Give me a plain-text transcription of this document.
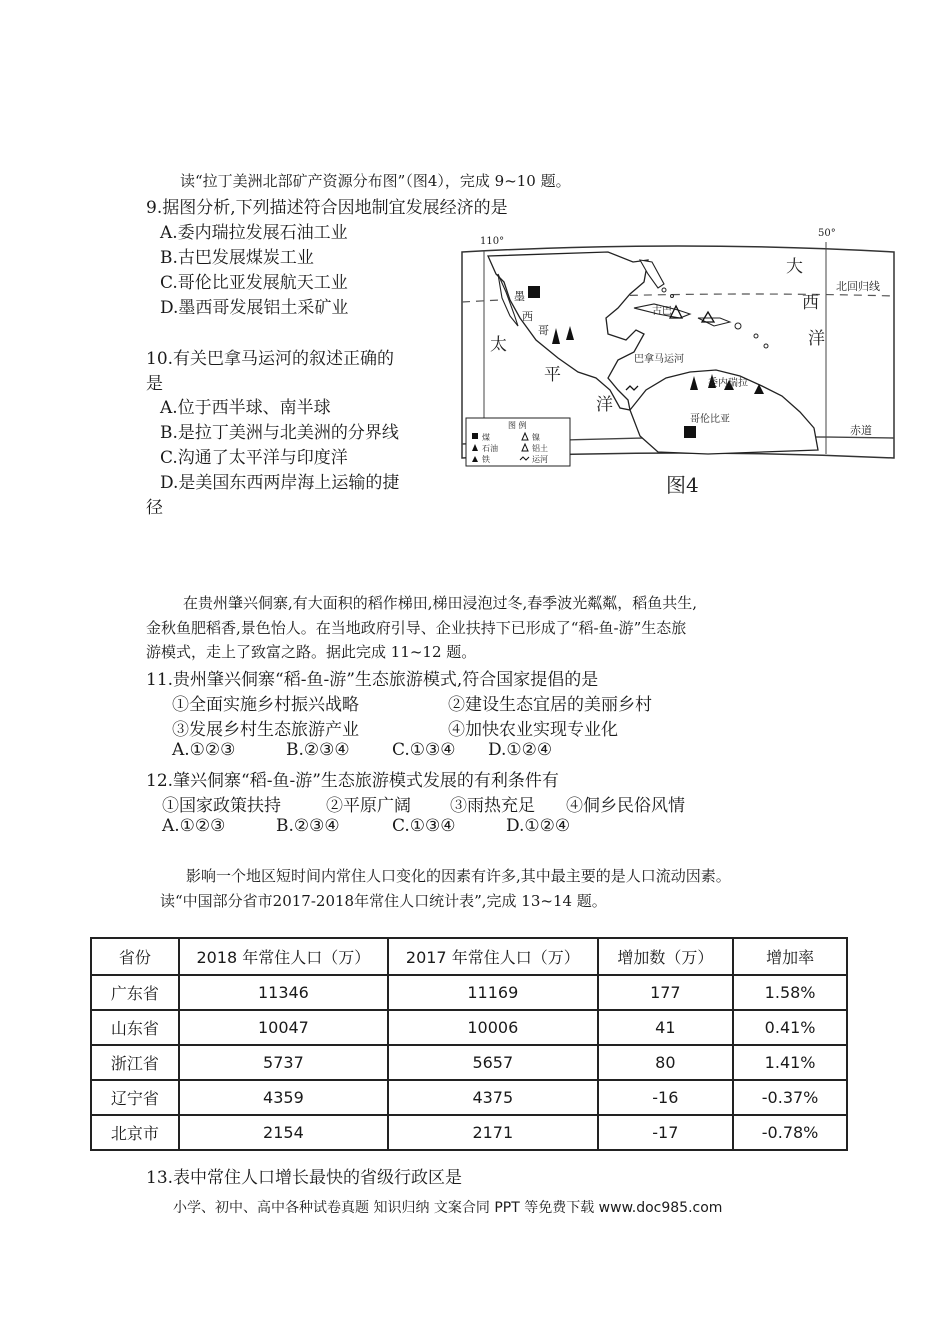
读“拉丁美洲北部矿产资源分布图”（图4），完成 9~10 题。
9.据图分析,下列描述符合因地制宜发展经济的是
A.委内瑞拉发展石油工业
B.古巴发展煤炭工业
C.哥伦比亚发展航天工业
D.墨西哥发展铝土采矿业
10.有关巴拿马运河的叙述正确的
是
A.位于西半球、南半球
B.是拉丁美洲与北美洲的分界线
C.沟通了太平洋与印度洋
D.是美国东西两岸海上运输的捷
径
110°
50°
北回归线
赤道
大
西
洋
太
平
洋
墨
西
哥
古巴
巴拿马运河
委内瑞拉
哥伦比亚
图 例
煤	镍
石油	铝土
铁	运河
图4
在贵州肇兴侗寨,有大面积的稻作梯田,梯田浸泡过冬,春季波光粼粼，稻鱼共生,
金秋鱼肥稻香,景色怡人。在当地政府引导、企业扶持下已形成了“稻-鱼-游”生态旅
游模式，走上了致富之路。据此完成 11~12 题。
11.贵州肇兴侗寨“稻-鱼-游”生态旅游模式,符合国家提倡的是
①全面实施乡村振兴战略	②建设生态宜居的美丽乡村
③发展乡村生态旅游产业	④加快农业实现专业化
A.①②③	B.②③④ C.①③④ D.①②④
12.肇兴侗寨“稻-鱼-游”生态旅游模式发展的有利条件有
①国家政策扶持	②平原广阔 ③雨热充足 ④侗乡民俗风情
A.①②③	B.②③④	C.①③④	D.①②④
影响一个地区短时间内常住人口变化的因素有许多,其中最主要的是人口流动因素。
读“中国部分省市2017-2018年常住人口统计表”,完成 13~14 题。
省份	2018 年常住人口（万）	2017 年常住人口（万）	增加数（万）	增加率
广东省	11346	11169	177	1.58%
山东省	10047	10006	41	0.41%
浙江省	5737	5657	80	1.41%
辽宁省	4359	4375	-16	-0.37%
北京市	2154	2171	-17	-0.78%
13.表中常住人口增长最快的省级行政区是
小学、初中、高中各种试卷真题 知识归纳 文案合同 PPT 等免费下载 www.doc985.com
